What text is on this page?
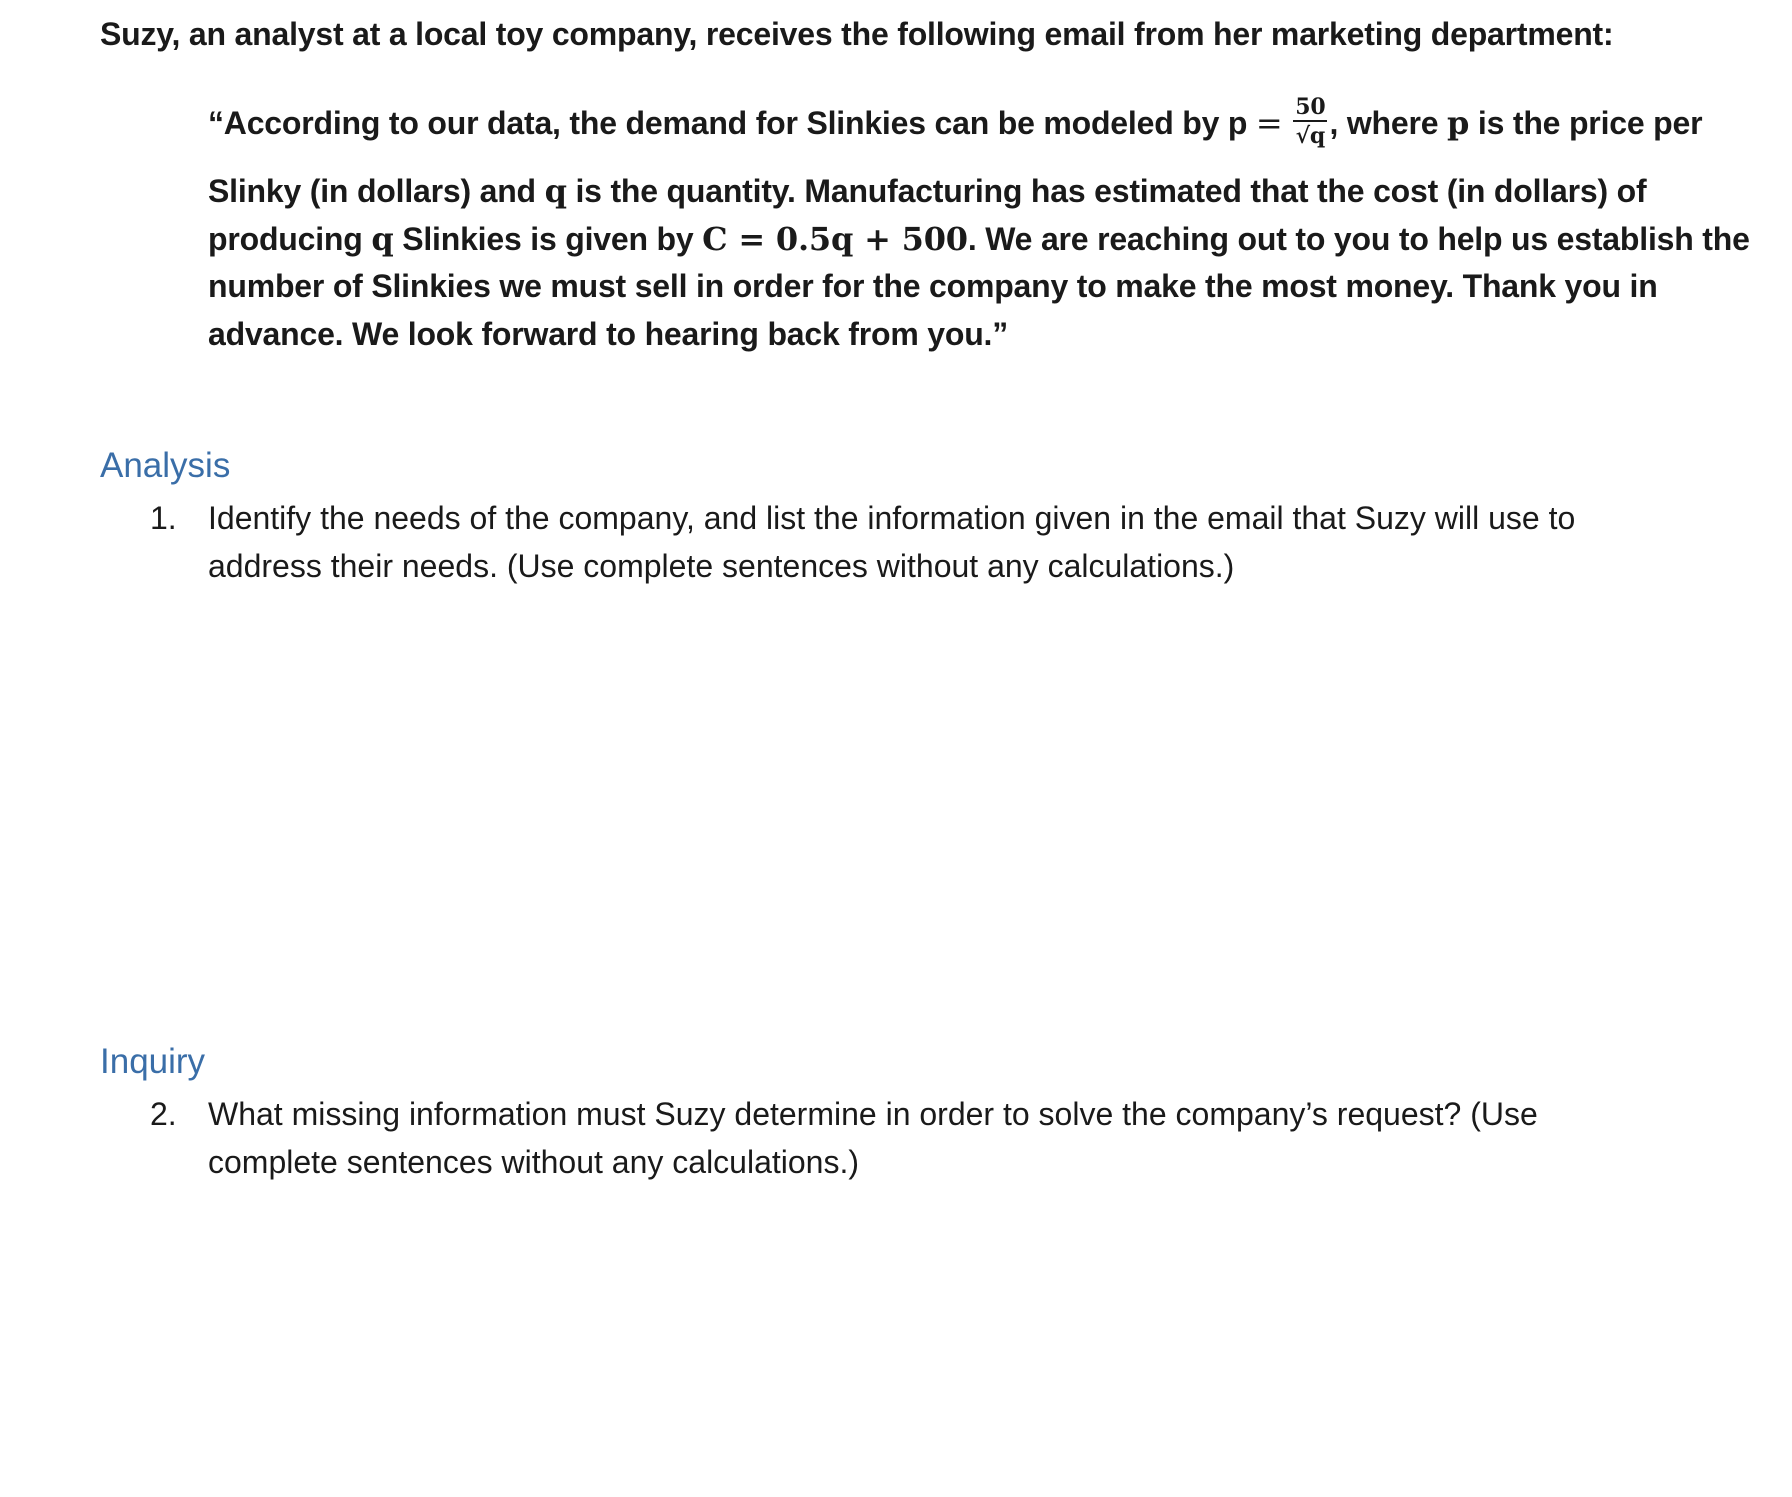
Suzy, an analyst at a local toy company, receives the following email from her marketing department:
“According to our data, the demand for Slinkies can be modeled by $p = \frac{50}{√q}$ , where p is the price per
Slinky (in dollars) and q is the quantity. Manufacturing has estimated that the cost (in dollars) of
producing q Slinkies is given by C = 0.5q + 500. We are reaching out to you to help us establish the
number of Slinkies we must sell in order for the company to make the most money. Thank you in
advance. We look forward to hearing back from you.”
Analysis
1. Identify the needs of the company, and list the information given in the email that Suzy will use to
address their needs. (Use complete sentences without any calculations.)
Inquiry
2. What missing information must Suzy determine in order to solve the company’s request? (Use
complete sentences without any calculations.)
